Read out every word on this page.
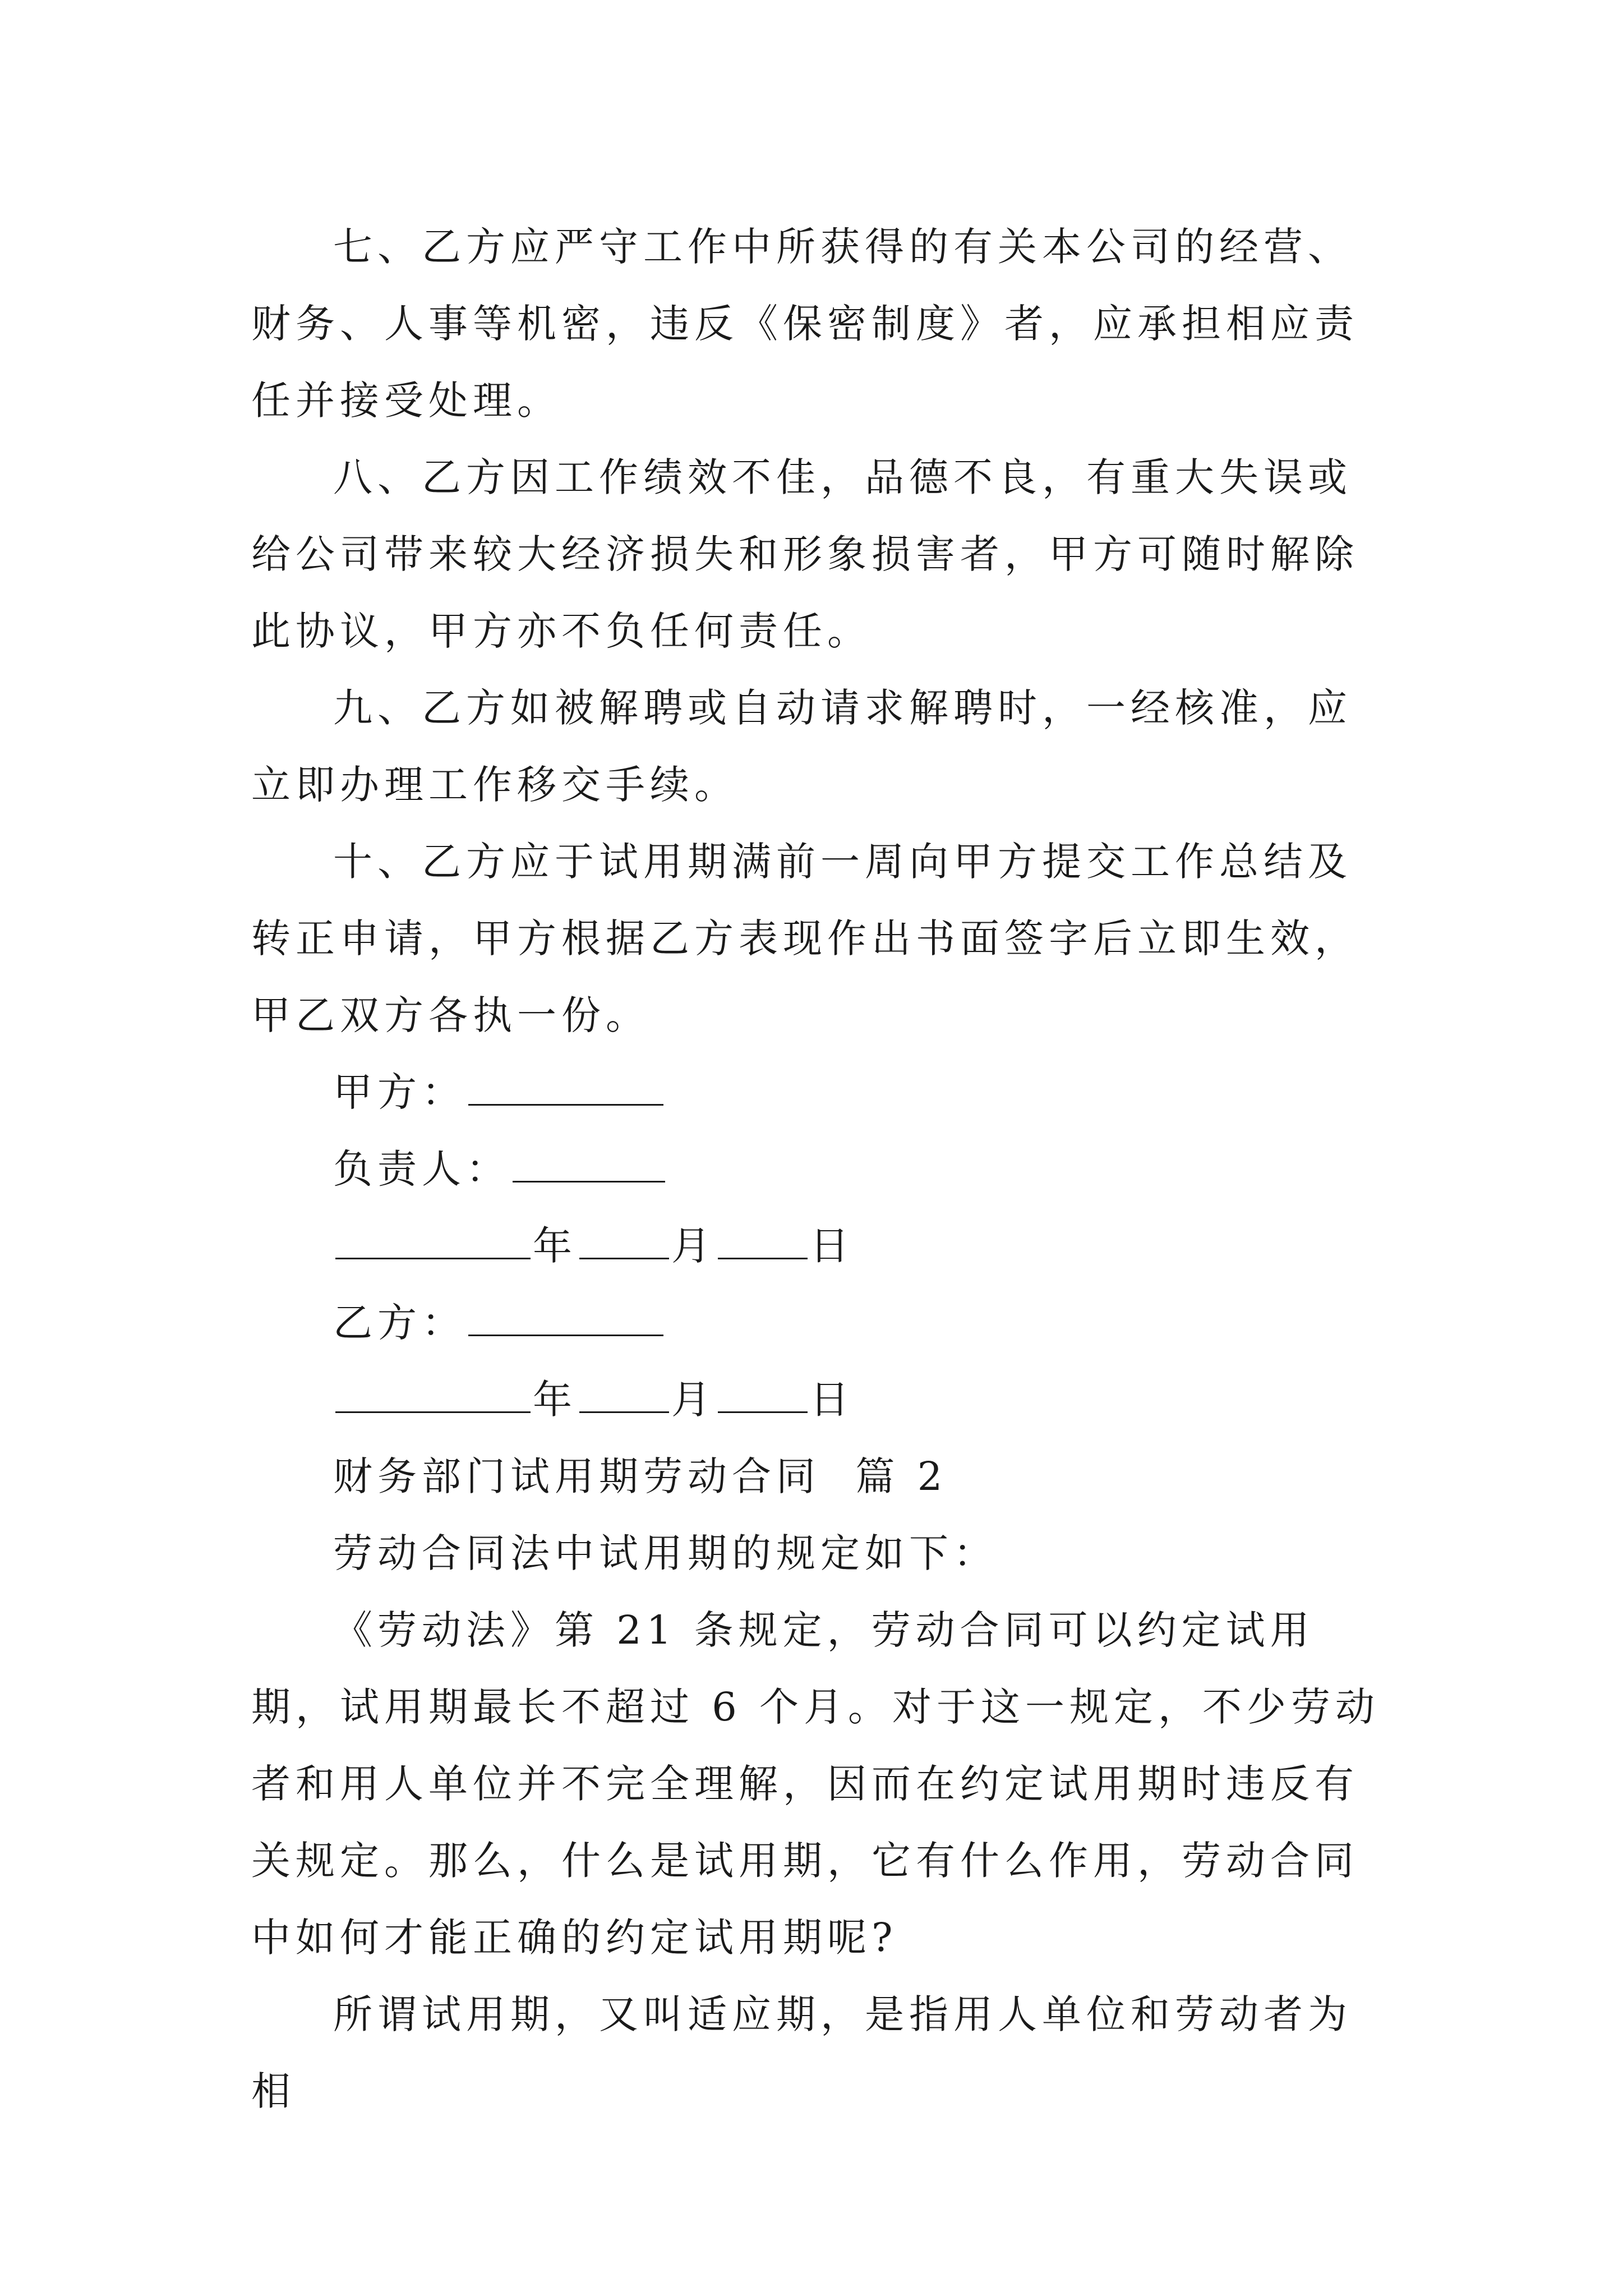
七、乙方应严守工作中所获得的有关本公司的经营、财务、人事等机密，违反《保密制度》者，应承担相应责任并接受处理。

八、乙方因工作绩效不佳，品德不良，有重大失误或给公司带来较大经济损失和形象损害者，甲方可随时解除此协议，甲方亦不负任何责任。

九、乙方如被解聘或自动请求解聘时，一经核准，应立即办理工作移交手续。

十、乙方应于试用期满前一周向甲方提交工作总结及转正申请，甲方根据乙方表现作出书面签字后立即生效，甲乙双方各执一份。

甲方：
负责人：
年 月 日
乙方：
年 月 日
财务部门试用期劳动合同  篇 2

劳动合同法中试用期的规定如下：

《劳动法》第 21 条规定，劳动合同可以约定试用期，试用期最长不超过 6 个月。对于这一规定，不少劳动者和用人单位并不完全理解，因而在约定试用期时违反有关规定。那么，什么是试用期，它有什么作用，劳动合同中如何才能正确的约定试用期呢?

所谓试用期，又叫适应期，是指用人单位和劳动者为相
